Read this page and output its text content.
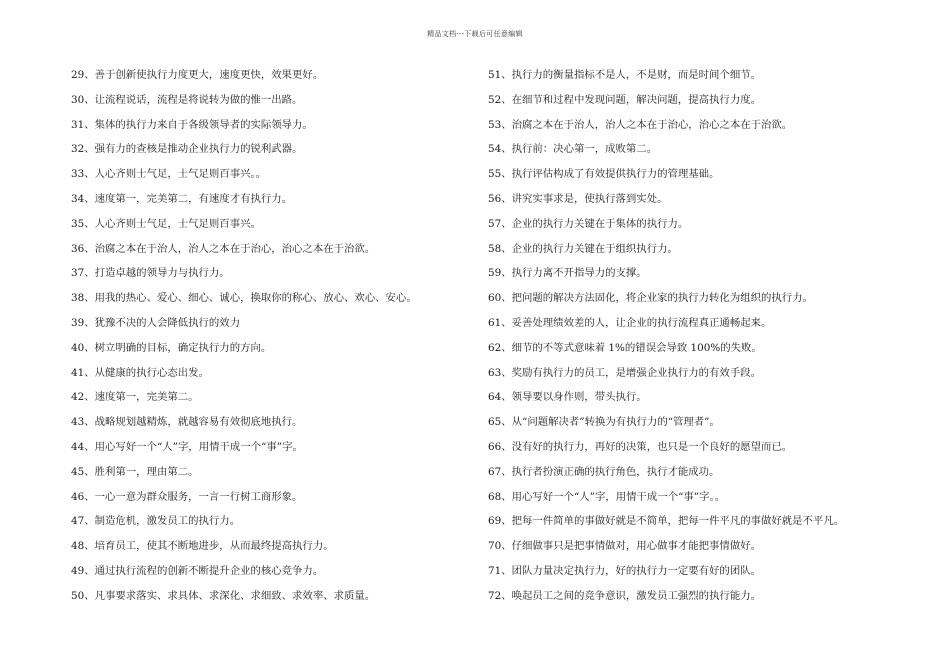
精品文档---下载后可任意编辑
29、善于创新使执行力度更大，速度更快，效果更好。
30、让流程说话，流程是将说转为做的惟一出路。
31、集体的执行力来自于各级领导者的实际领导力。
32、强有力的查核是推动企业执行力的锐利武器。
33、人心齐则士气足，士气足则百事兴。。
34、速度第一，完美第二，有速度才有执行力。
35、人心齐则士气足，士气足则百事兴。
36、治腐之本在于治人，治人之本在于治心，治心之本在于治欲。
37、打造卓越的领导力与执行力。
38、用我的热心、爱心、细心、诚心，换取你的称心、放心、欢心、安心。
39、犹豫不决的人会降低执行的效力
40、树立明确的目标，确定执行力的方向。
41、从健康的执行心态出发。
42、速度第一，完美第二。
43、战略规划越精炼，就越容易有效彻底地执行。
44、用心写好一个“人”字，用情干成一个“事”字。
45、胜利第一，理由第二。
46、一心一意为群众服务，一言一行树工商形象。
47、制造危机，激发员工的执行力。
48、培育员工，使其不断地进步，从而最终提高执行力。
49、通过执行流程的创新不断提升企业的核心竞争力。
50、凡事要求落实、求具体、求深化、求细致、求效率、求质量。
51、执行力的衡量指标不是人，不是财，而是时间个细节。
52、在细节和过程中发现问题，解决问题，提高执行力度。
53、治腐之本在于治人，治人之本在于治心，治心之本在于治欲。
54、执行前：决心第一，成败第二。
55、执行评估构成了有效提供执行力的管理基础。
56、讲究实事求是，使执行落到实处。
57、企业的执行力关键在于集体的执行力。
58、企业的执行力关键在于组织执行力。
59、执行力离不开指导力的支撑。
60、把问题的解决方法固化，将企业家的执行力转化为组织的执行力。
61、妥善处理绩效差的人，让企业的执行流程真正通畅起来。
62、细节的不等式意味着 1%的错误会导致 100%的失败。
63、奖励有执行力的员工，是增强企业执行力的有效手段。
64、领导要以身作则，带头执行。
65、从“问题解决者”转换为有执行力的“管理者”。
66、没有好的执行力，再好的决策，也只是一个良好的愿望而已。
67、执行者扮演正确的执行角色，执行才能成功。
68、用心写好一个“人”字，用情干成一个“事”字。。
69、把每一件简单的事做好就是不简单，把每一件平凡的事做好就是不平凡。
70、仔细做事只是把事情做对，用心做事才能把事情做好。
71、团队力量决定执行力，好的执行力一定要有好的团队。
72、唤起员工之间的竞争意识，激发员工强烈的执行能力。
